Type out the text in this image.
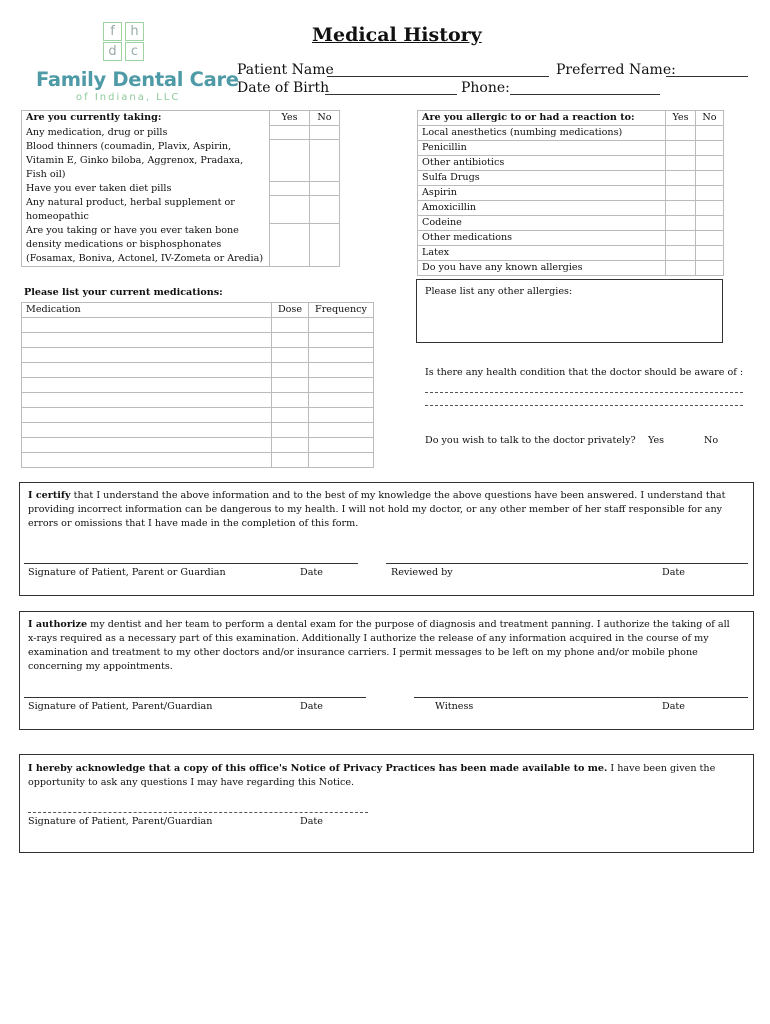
f	h
d	c
Family Dental Care
of Indiana, LLC
Medical History
Patient Name	Preferred Name:
Date of Birth	Phone:
Are you currently taking:	Yes	No
Any medication, drug or pills		
Blood thinners (coumadin, Plavix, Aspirin, Vitamin E, Ginko biloba, Aggrenox, Pradaxa, Fish oil)		
Have you ever taken diet pills		
Any natural product, herbal supplement or homeopathic		
Are you taking or have you ever taken bone density medications or bisphosphonates (Fosamax, Boniva, Actonel, IV-Zometa or Aredia)		
Are you allergic to or had a reaction to:	Yes	No
Local anesthetics (numbing medications)		
Penicillin		
Other antibiotics		
Sulfa Drugs		
Aspirin		
Amoxicillin		
Codeine		
Other medications		
Latex		
Do you have any known allergies		
Please list your current medications:
Medication	Dose	Frequency

Please list any other allergies:
Is there any health condition that the doctor should be aware of :
Do you wish to talk to the doctor privately? Yes	No
I certify that I understand the above information and to the best of my knowledge the above questions have been answered. I understand that providing incorrect information can be dangerous to my health. I will not hold my doctor, or any other member of her staff responsible for any errors or omissions that I have made in the completion of this form.
Signature of Patient, Parent or Guardian	Date	Reviewed by	Date
I authorize my dentist and her team to perform a dental exam for the purpose of diagnosis and treatment panning. I authorize the taking of all x-rays required as a necessary part of this examination. Additionally I authorize the release of any information acquired in the course of my examination and treatment to my other doctors and/or insurance carriers. I permit messages to be left on my phone and/or mobile phone concerning my appointments.
Signature of Patient, Parent/Guardian	Date	Witness	Date
I hereby acknowledge that a copy of this office's Notice of Privacy Practices has been made available to me. I have been given the opportunity to ask any questions I may have regarding this Notice.
Signature of Patient, Parent/Guardian	Date
